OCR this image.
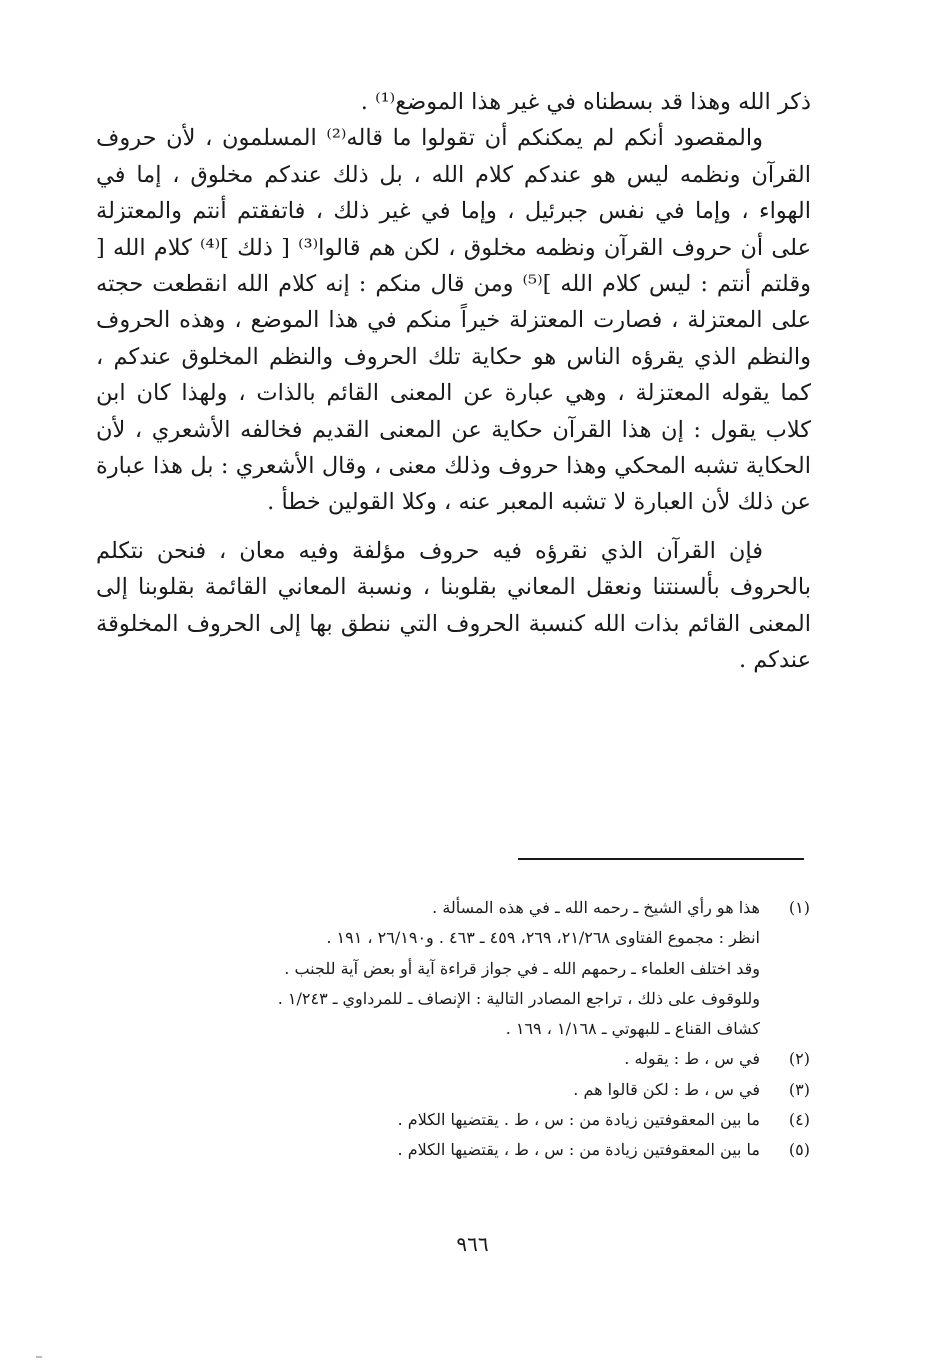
ذكر الله وهذا قد بسطناه في غير هذا الموضع⁽¹⁾ .

والمقصود أنكم لم يمكنكم أن تقولوا ما قاله⁽²⁾ المسلمون ، لأن حروف القرآن ونظمه ليس هو عندكم كلام الله ، بل ذلك عندكم مخلوق ، إما في الهواء ، وإما في نفس جبرئيل ، وإما في غير ذلك ، فاتفقتم أنتم والمعتزلة على أن حروف القرآن ونظمه مخلوق ، لكن هم قالوا⁽³⁾ [ ذلك ]⁽⁴⁾ كلام الله [ وقلتم أنتم : ليس كلام الله ]⁽⁵⁾ ومن قال منكم : إنه كلام الله انقطعت حجته على المعتزلة ، فصارت المعتزلة خيراً منكم في هذا الموضع ، وهذه الحروف والنظم الذي يقرؤه الناس هو حكاية تلك الحروف والنظم المخلوق عندكم ، كما يقوله المعتزلة ، وهي عبارة عن المعنى القائم بالذات ، ولهذا كان ابن كلاب يقول : إن هذا القرآن حكاية عن المعنى القديم فخالفه الأشعري ، لأن الحكاية تشبه المحكي وهذا حروف وذلك معنى ، وقال الأشعري : بل هذا عبارة عن ذلك لأن العبارة لا تشبه المعبر عنه ، وكلا القولين خطأ .

فإن القرآن الذي نقرؤه فيه حروف مؤلفة وفيه معان ، فنحن نتكلم بالحروف بألسنتنا ونعقل المعاني بقلوبنا ، ونسبة المعاني القائمة بقلوبنا إلى المعنى القائم بذات الله كنسبة الحروف التي ننطق بها إلى الحروف المخلوقة عندكم .

(١)
هذا هو رأي الشيخ ـ رحمه الله ـ في هذه المسألة .
انظر : مجموع الفتاوى ٢١/٢٦٨، ٢٦٩، ٤٥٩ ـ ٤٦٣ . و٢٦/١٩٠ ، ١٩١ .
وقد اختلف العلماء ـ رحمهم الله ـ في جواز قراءة آية أو بعض آية للجنب .
وللوقوف على ذلك ، تراجع المصادر التالية : الإنصاف ـ للمرداوي ـ ١/٢٤٣ .
كشاف القناع ـ للبهوتي ـ ١/١٦٨ ، ١٦٩ .
(٢)
في س ، ط : يقوله .
(٣)
في س ، ط : لكن قالوا هم .
(٤)
ما بين المعقوفتين زيادة من : س ، ط . يقتضيها الكلام .
(٥)
ما بين المعقوفتين زيادة من : س ، ط ، يقتضيها الكلام .
٩٦٦
